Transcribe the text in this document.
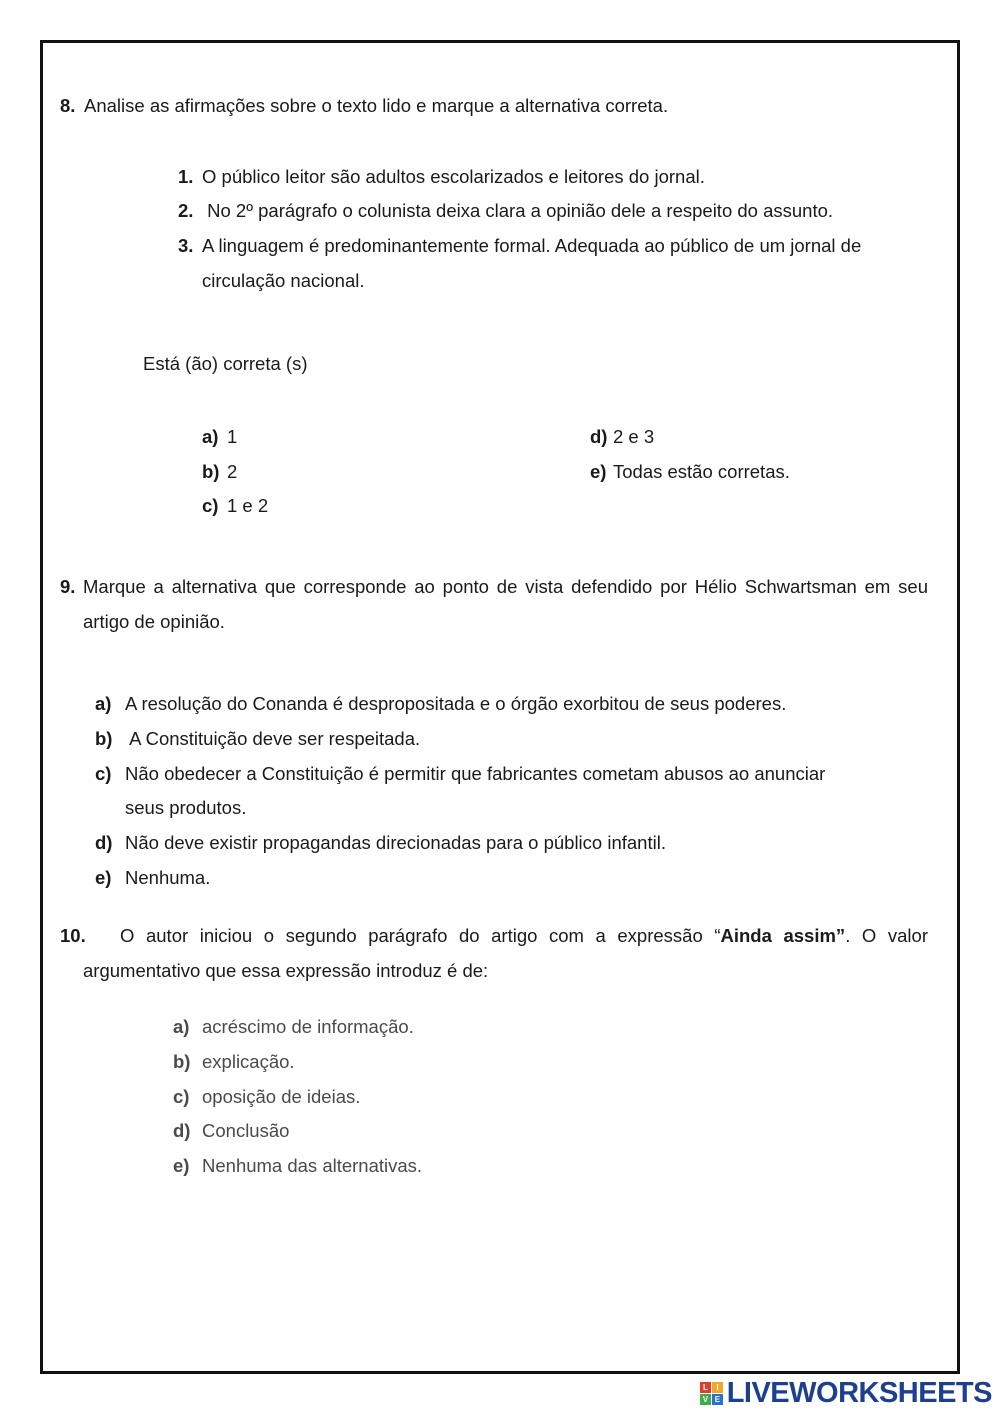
8. Analise as afirmações sobre o texto lido e marque a alternativa correta.
1. O público leitor são adultos escolarizados e leitores do jornal.
2. No 2º parágrafo o colunista deixa clara a opinião dele a respeito do assunto.
3. A linguagem é predominantemente formal. Adequada ao público de um jornal de
circulação nacional.
Está (ão) correta (s)
a) 1
b) 2
c) 1 e 2
d) 2 e 3
e) Todas estão corretas.
9. Marque a alternativa que corresponde ao ponto de vista defendido por Hélio Schwartsman em seu artigo de opinião.
a) A resolução do Conanda é despropositada e o órgão exorbitou de seus poderes.
b) A Constituição deve ser respeitada.
c) Não obedecer a Constituição é permitir que fabricantes cometam abusos ao anunciar
seus produtos.
d) Não deve existir propagandas direcionadas para o público infantil.
e) Nenhuma.
10.	O autor iniciou o segundo parágrafo do artigo com a expressão “Ainda assim”. O valor argumentativo que essa expressão introduz é de:
a) acréscimo de informação.
b) explicação.
c) oposição de ideias.
d) Conclusão
e) Nenhuma das alternativas.
L	I
V E LIVEWORKSHEETS
